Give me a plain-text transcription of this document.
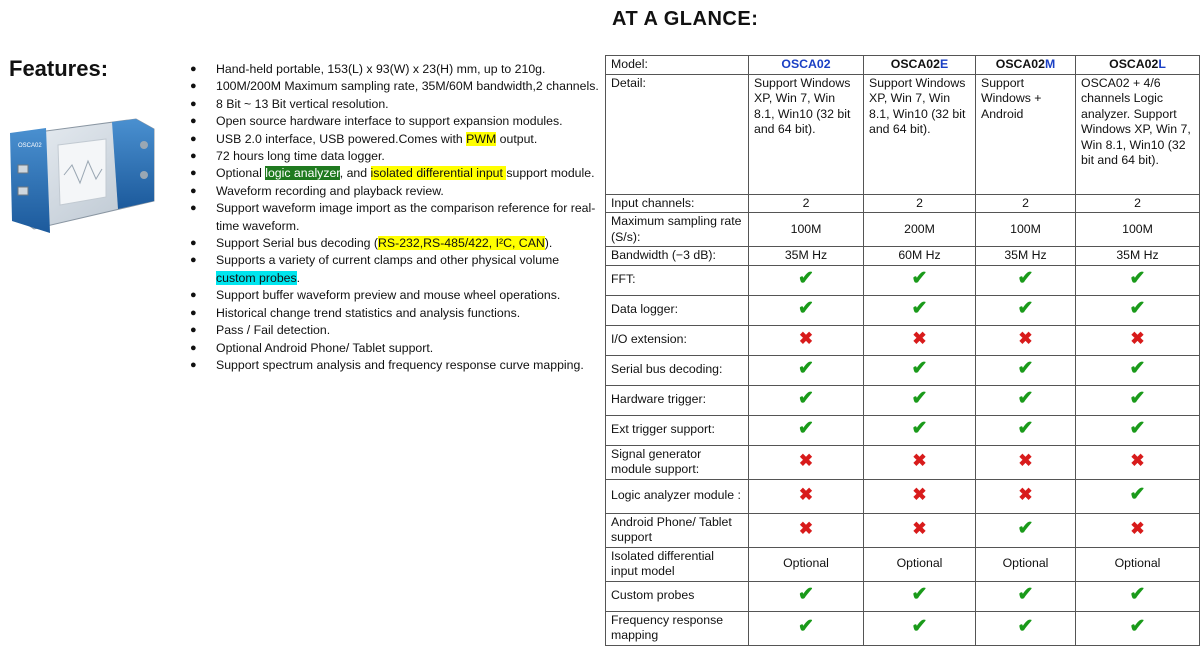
Features:
OSCA02
● Hand-held portable, 153(L) x 93(W) x 23(H) mm, up to 210g.
● 100M/200M Maximum sampling rate, 35M/60M bandwidth,2 channels.
● 8 Bit ~ 13 Bit vertical resolution.
● Open source hardware interface to support expansion modules.
● USB 2.0 interface, USB powered.Comes with PWM output.
● 72 hours long time data logger.
● Optional logic analyzer, and isolated differential input support module.
● Waveform recording and playback review.
● Support waveform image import as the comparison reference for real-time waveform.
● Support Serial bus decoding (RS-232,RS-485/422, I²C, CAN).
● Supports a variety of current clamps and other physical volume custom probes.
● Support buffer waveform preview and mouse wheel operations.
● Historical change trend statistics and analysis functions.
● Pass / Fail detection.
● Optional Android Phone/ Tablet support.
● Support spectrum analysis and frequency response curve mapping.
AT A GLANCE:
Model:	OSCA02	OSCA02E	OSCA02M	OSCA02L
Detail:	Support Windows XP, Win 7, Win 8.1, Win10 (32 bit and 64 bit).	Support Windows XP, Win 7, Win 8.1, Win10 (32 bit and 64 bit).	Support Windows + Android	OSCA02 + 4/6 channels Logic analyzer. Support Windows XP, Win 7, Win 8.1, Win10 (32 bit and 64 bit).
Input channels:	2	2	2	2
Maximum sampling rate (S/s):	100M	200M	100M	100M
Bandwidth (−3 dB):	35M Hz	60M Hz	35M Hz	35M Hz
FFT:	✔	✔	✔	✔
Data logger:	✔	✔	✔	✔
I/O extension:	✖	✖	✖	✖
Serial bus decoding:	✔	✔	✔	✔
Hardware trigger:	✔	✔	✔	✔
Ext trigger support:	✔	✔	✔	✔
Signal generator module support:	✖	✖	✖	✖
Logic analyzer module :	✖	✖	✖	✔
Android Phone/ Tablet support	✖	✖	✔	✖
Isolated differential input model	Optional	Optional	Optional	Optional
Custom probes	✔	✔	✔	✔
Frequency response mapping	✔	✔	✔	✔
